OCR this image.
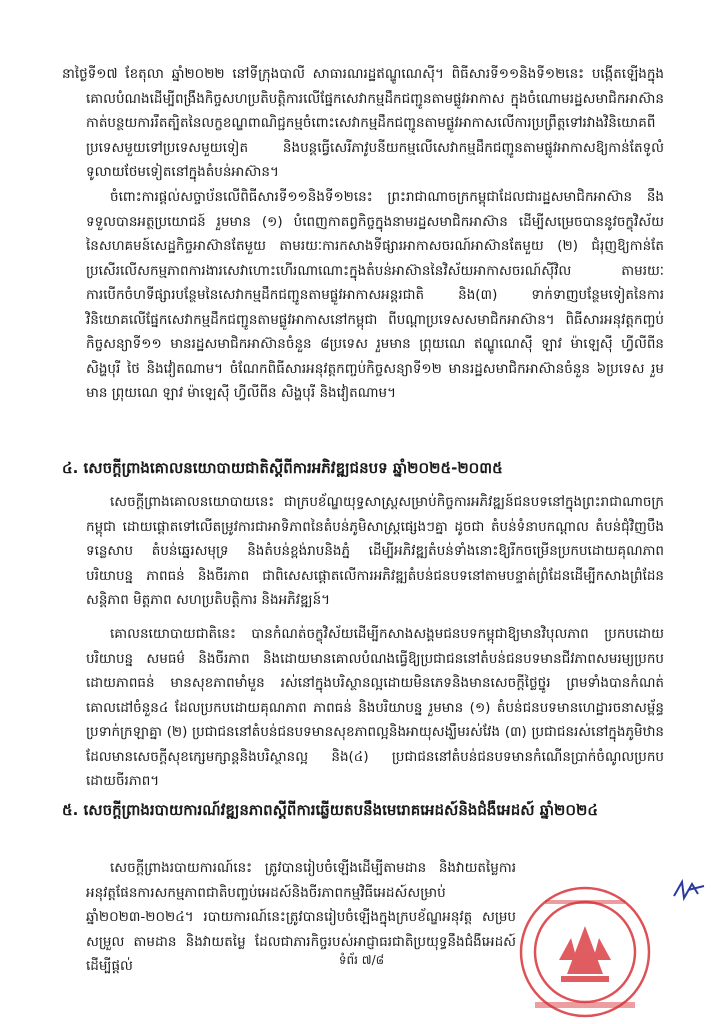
នាថ្ងៃទី១៧ ខែតុលា ឆ្នាំ២០២២ នៅទីក្រុងបាលី សាធារណរដ្ឋឥណ្ឌូណេស៊ី។ ពិធីសារទី១១និងទី១២នេះ បង្កើតឡើងក្នុងគោលបំណងដើម្បីពង្រឹងកិច្ចសហប្រតិបត្តិការលើផ្នែកសេវាកម្មដឹកជញ្ជូនតាមផ្លូវអាកាស ក្នុងចំណោមរដ្ឋសមាជិកអាស៊ាន កាត់បន្ថយការរឹតត្បិតនៃលក្ខខណ្ឌពាណិជ្ជកម្មចំពោះសេវាកម្មដឹកជញ្ជូនតាមផ្លូវអាកាសលើការប្រព្រឹត្តទៅរវាងវិនិយោគពីប្រទេសមួយទៅប្រទេសមួយទៀត និងបន្តធ្វើសេរីភាវូបនីយកម្មលើសេវាកម្មដឹកជញ្ជូនតាមផ្លូវអាកាសឱ្យកាន់តែទូលំទូលាយថែមទៀតនៅក្នុងតំបន់អាស៊ាន។

ចំពោះការផ្តល់សច្ចាប័នលើពិធីសារទី១១និងទី១២នេះ ព្រះរាជាណាចក្រកម្ពុជាដែលជារដ្ឋសមាជិកអាស៊ាន នឹងទទួលបានអត្ថប្រយោជន៍ រួមមាន (១) បំពេញកាតព្វកិច្ចក្នុងនាមរដ្ឋសមាជិកអាស៊ាន ដើម្បីសម្រេចបាននូវចក្ខុវិស័យនៃសហគមន៍សេដ្ឋកិច្ចអាស៊ានតែមួយ តាមរយៈការកសាងទីផ្សារអាកាសចរណ៍អាស៊ានតែមួយ (២) ជំរុញឱ្យកាន់តែប្រសើរលើសកម្មភាពការងារសេវាហោះហើរណាណោះក្នុងតំបន់អាស៊ាននៃវិស័យអាកាសចរណ៍ស៊ីវិល តាមរយៈការបើកចំហទីផ្សារបន្ថែមនៃសេវាកម្មដឹកជញ្ជូនតាមផ្លូវអាកាសអន្តរជាតិ និង(៣) ទាក់ទាញបន្ថែមទៀតនៃការវិនិយោគលើផ្នែកសេវាកម្មដឹកជញ្ជូនតាមផ្លូវអាកាសនៅកម្ពុជា ពីបណ្តាប្រទេសសមាជិកអាស៊ាន។ ពិធីសារអនុវត្តកញ្ចប់កិច្ចសន្យាទី១១ មានរដ្ឋសមាជិកអាស៊ានចំនួន ៨ប្រទេស រួមមាន ព្រុយណេ ឥណ្ឌូណេស៊ី ឡាវ ម៉ាឡេស៊ី ហ្វីលីពីន សិង្ហបុរី ថៃ និងវៀតណាម។ ចំណែកពិធីសារអនុវត្តកញ្ចប់កិច្ចសន្យាទី១២ មានរដ្ឋសមាជិកអាស៊ានចំនួន ៦ប្រទេស រួមមាន ព្រុយណេ ឡាវ ម៉ាឡេស៊ី ហ្វីលីពីន សិង្ហបុរី និងវៀតណាម។

៤. សេចក្តីព្រាងគោលនយោបាយជាតិស្តីពីការអភិវឌ្ឍជនបទ ឆ្នាំ២០២៥-២០៣៥

សេចក្តីព្រាងគោលនយោបាយនេះ ជាក្របខ័ណ្ឌយុទ្ធសាស្ត្រសម្រាប់កិច្ចការអភិវឌ្ឍន៍ជនបទនៅក្នុងព្រះរាជាណាចក្រកម្ពុជា ដោយផ្តោតទៅលើតម្រូវការជាអាទិភាពនៃតំបន់ភូមិសាស្ត្រផ្សេងៗគ្នា ដូចជា តំបន់ទំនាបកណ្តាល តំបន់ជុំវិញបឹងទន្លេសាប តំបន់ឆ្នេរសមុទ្រ និងតំបន់ខ្ពង់រាបនិងភ្នំ ដើម្បីអភិវឌ្ឍតំបន់ទាំងនោះឱ្យរីកចម្រើនប្រកបដោយគុណភាព បរិយាបន្ន ភាពធន់ និងចីរភាព ជាពិសេសផ្តោតលើការអភិវឌ្ឍតំបន់ជនបទនៅតាមបន្ទាត់ព្រំដែនដើម្បីកសាងព្រំដែនសន្តិភាព មិត្តភាព សហប្រតិបត្តិការ និងអភិវឌ្ឍន៍។

គោលនយោបាយជាតិនេះ បានកំណត់ចក្ខុវិស័យដើម្បីកសាងសង្គមជនបទកម្ពុជាឱ្យមានវិបុលភាព ប្រកបដោយបរិយាបន្ន សមធម៌ និងចីរភាព និងដោយមានគោលបំណងធ្វើឱ្យប្រជាជននៅតំបន់ជនបទមានជីវភាពសមរម្យប្រកបដោយភាពធន់ មានសុខភាពមាំមួន រស់នៅក្នុងបរិស្ថានល្អដោយមិនភេទនិងមានសេចក្តីថ្លៃថ្នូរ ព្រមទាំងបានកំណត់គោលដៅចំនួន៤ ដែលប្រកបដោយគុណភាព ភាពធន់ និងបរិយាបន្ន រួមមាន (១) តំបន់ជនបទមានហេដ្ឋារចនាសម្ព័ន្ធប្រទាក់ក្រឡាគ្នា (២) ប្រជាជននៅតំបន់ជនបទមានសុខភាពល្អនិងអាយុសង្ឃឹមរស់វែង (៣) ប្រជាជនរស់នៅក្នុងភូមិឋានដែលមានសេចក្តីសុខក្សេមក្សាន្តនិងបរិស្ថានល្អ និង(៤) ប្រជាជននៅតំបន់ជនបទមានកំណើនប្រាក់ចំណូលប្រកបដោយចីរភាព។

៥. សេចក្តីព្រាងរបាយការណ៍វឌ្ឍនភាពស្តីពីការឆ្លើយតបនឹងមេរោគអេដស៍និងជំងឺអេដស៍ ឆ្នាំ២០២៤

សេចក្តីព្រាងរបាយការណ៍នេះ ត្រូវបានរៀបចំឡើងដើម្បីតាមដាន និងវាយតម្លៃការអនុវត្តផែនការសកម្មភាពជាតិបញ្ចប់អេដស៍និងចីរភាពកម្មវិធីអេដស៍សម្រាប់ឆ្នាំ២០២៣-២០២៤។ របាយការណ៍នេះត្រូវបានរៀបចំឡើងក្នុងក្របខ័ណ្ឌអនុវត្ត សម្របសម្រួល តាមដាន និងវាយតម្លៃ ដែលជាភារកិច្ចរបស់អាជ្ញាធរជាតិប្រយុទ្ធនឹងជំងឺអេដស៍ ដើម្បីផ្តល់	ទំព័រ ៧/៨
